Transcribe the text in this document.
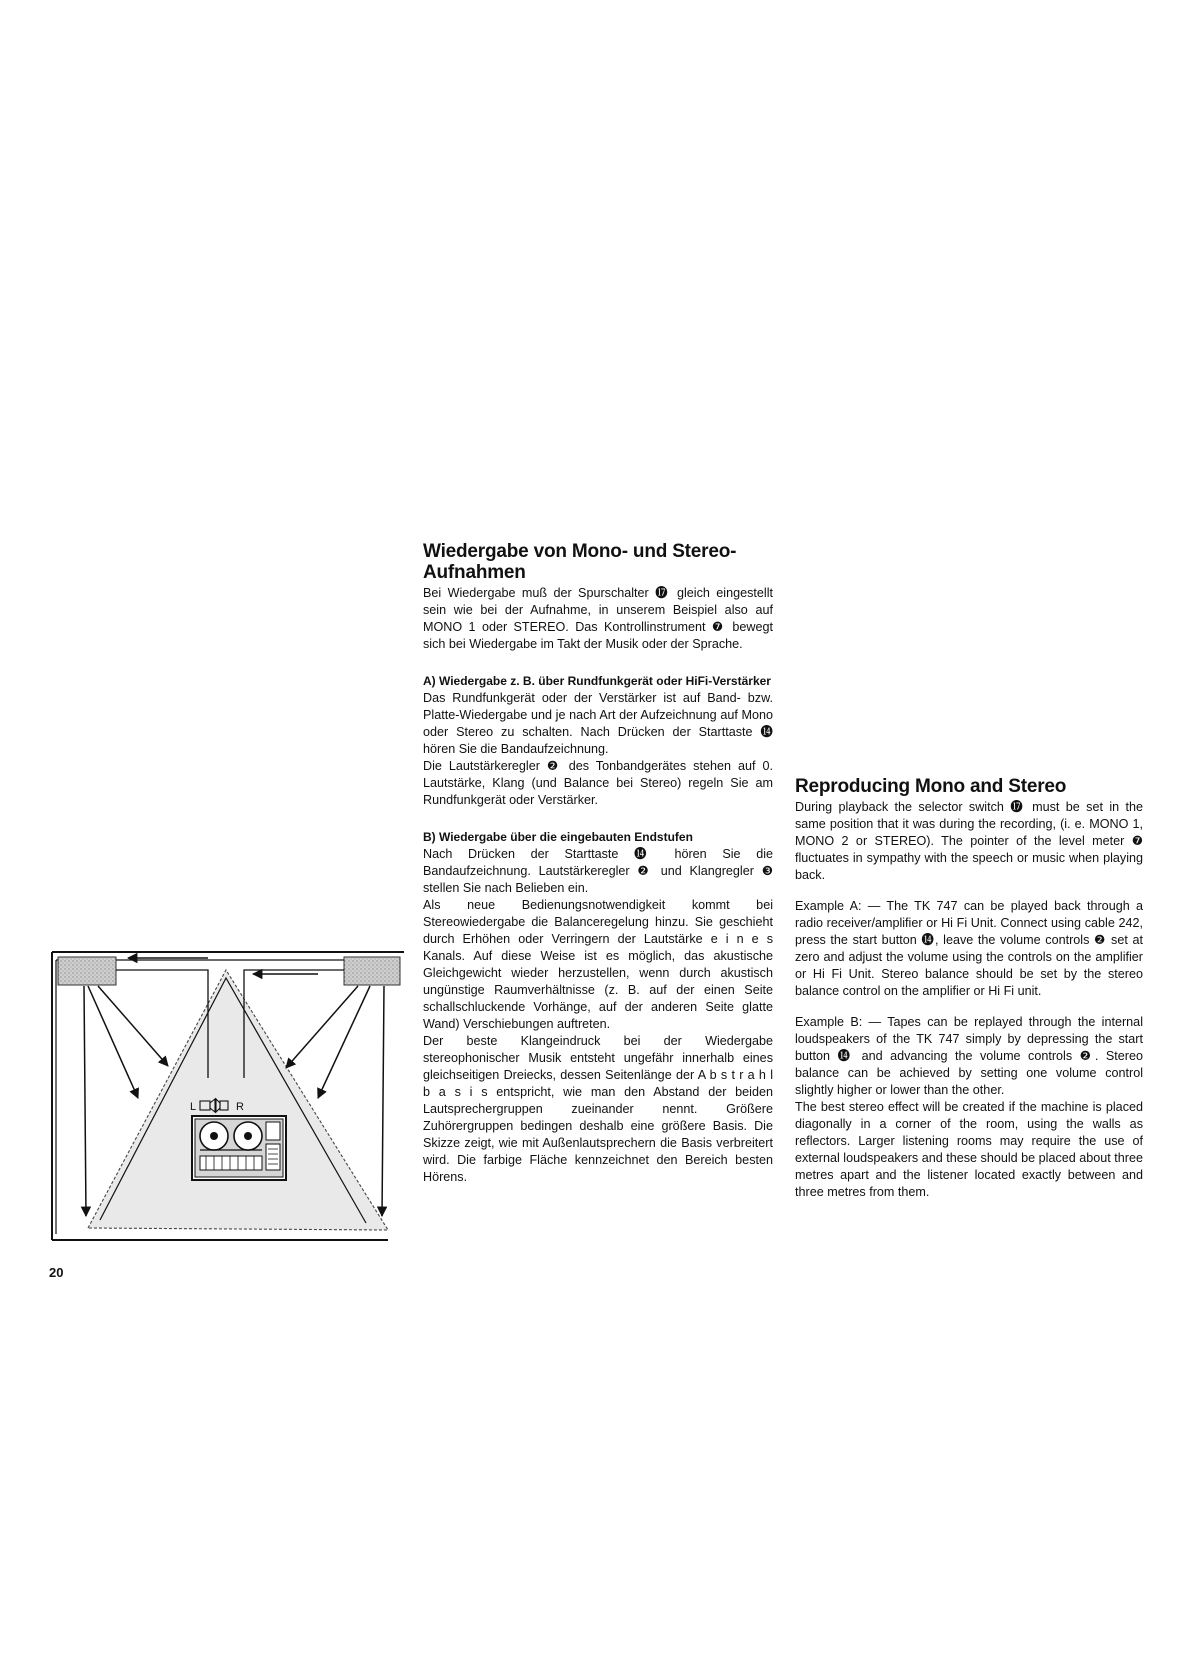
Wiedergabe von Mono- und Stereo-Aufnahmen

Bei Wiedergabe muß der Spurschalter ⓱ gleich eingestellt sein wie bei der Aufnahme, in unserem Beispiel also auf MONO 1 oder STEREO. Das Kontrollinstrument ❼ bewegt sich bei Wiedergabe im Takt der Musik oder der Sprache.

A) Wiedergabe z. B. über Rundfunkgerät oder HiFi-Verstärker

Das Rundfunkgerät oder der Verstärker ist auf Band- bzw. Platte-Wiedergabe und je nach Art der Aufzeichnung auf Mono oder Stereo zu schalten. Nach Drücken der Starttaste ⓮ hören Sie die Bandaufzeichnung.

Die Lautstärkeregler ❷ des Tonbandgerätes stehen auf 0. Lautstärke, Klang (und Balance bei Stereo) regeln Sie am Rundfunkgerät oder Verstärker.

B) Wiedergabe über die eingebauten Endstufen

Nach Drücken der Starttaste ⓮ hören Sie die Bandaufzeichnung. Lautstärkeregler ❷ und Klangregler ❸ stellen Sie nach Belieben ein.

Als neue Bedienungsnotwendigkeit kommt bei Stereowiedergabe die Balanceregelung hinzu. Sie geschieht durch Erhöhen oder Verringern der Lautstärke e i n e s Kanals. Auf diese Weise ist es möglich, das akustische Gleichgewicht wieder herzustellen, wenn durch akustisch ungünstige Raumverhältnisse (z. B. auf der einen Seite schallschluckende Vorhänge, auf der anderen Seite glatte Wand) Verschiebungen auftreten.

Der beste Klangeindruck bei der Wiedergabe stereophonischer Musik entsteht ungefähr innerhalb eines gleichseitigen Dreiecks, dessen Seitenlänge der A b s t r a h l b a s i s entspricht, wie man den Abstand der beiden Lautsprechergruppen zueinander nennt. Größere Zuhörergruppen bedingen deshalb eine größere Basis. Die Skizze zeigt, wie mit Außenlautsprechern die Basis verbreitert wird. Die farbige Fläche kennzeichnet den Bereich besten Hörens.

Reproducing Mono and Stereo

During playback the selector switch ⓱ must be set in the same position that it was during the recording, (i. e. MONO 1, MONO 2 or STEREO). The pointer of the level meter ❼ fluctuates in sympathy with the speech or music when playing back.

Example A: — The TK 747 can be played back through a radio receiver/amplifier or Hi Fi Unit. Connect using cable 242, press the start button ⓮, leave the volume controls ❷ set at zero and adjust the volume using the controls on the amplifier or Hi Fi Unit. Stereo balance should be set by the stereo balance control on the amplifier or Hi Fi unit.

Example B: — Tapes can be replayed through the internal loudspeakers of the TK 747 simply by depressing the start button ⓮ and advancing the volume controls ❷. Stereo balance can be achieved by setting one volume control slightly higher or lower than the other.

The best stereo effect will be created if the machine is placed diagonally in a corner of the room, using the walls as reflectors. Larger listening rooms may require the use of external loudspeakers and these should be placed about three metres apart and the listener located exactly between and three metres from them.

L	R
20
